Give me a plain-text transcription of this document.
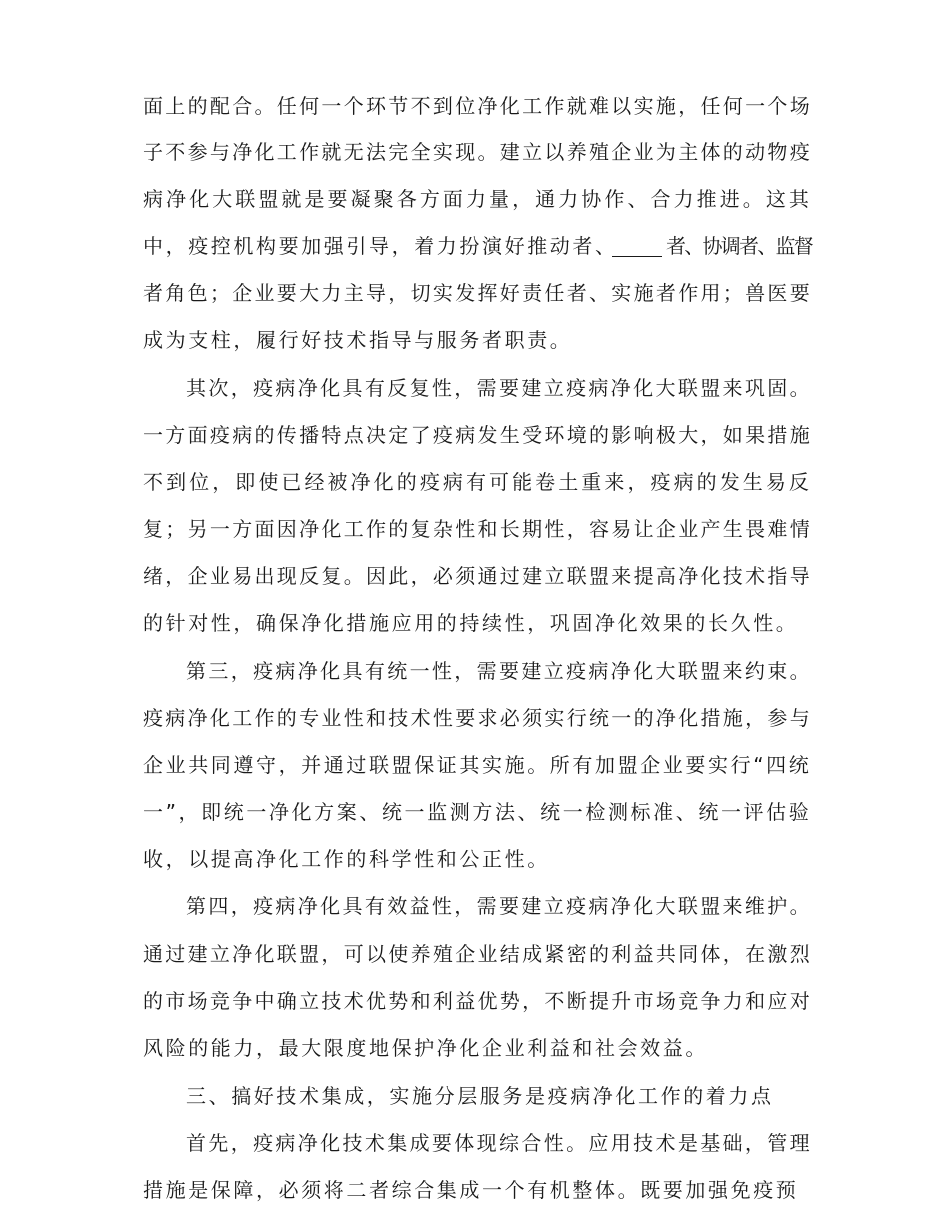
面上的配合。任何一个环节不到位净化工作就难以实施，任何一个场
子不参与净化工作就无法完全实现。建立以养殖企业为主体的动物疫
病净化大联盟就是要凝聚各方面力量，通力协作、合力推进。这其
中，疫控机构要加强引导，着力扮演好推动者、 者、协调者、监督
者角色；企业要大力主导，切实发挥好责任者、实施者作用；兽医要
成为支柱，履行好技术指导与服务者职责。
其次，疫病净化具有反复性，需要建立疫病净化大联盟来巩固。
一方面疫病的传播特点决定了疫病发生受环境的影响极大，如果措施
不到位，即使已经被净化的疫病有可能卷土重来，疫病的发生易反
复；另一方面因净化工作的复杂性和长期性，容易让企业产生畏难情
绪，企业易出现反复。因此，必须通过建立联盟来提高净化技术指导
的针对性，确保净化措施应用的持续性，巩固净化效果的长久性。
第三，疫病净化具有统一性，需要建立疫病净化大联盟来约束。
疫病净化工作的专业性和技术性要求必须实行统一的净化措施，参与
企业共同遵守，并通过联盟保证其实施。所有加盟企业要实行“四统
一”，即统一净化方案、统一监测方法、统一检测标准、统一评估验
收，以提高净化工作的科学性和公正性。
第四，疫病净化具有效益性，需要建立疫病净化大联盟来维护。
通过建立净化联盟，可以使养殖企业结成紧密的利益共同体，在激烈
的市场竞争中确立技术优势和利益优势，不断提升市场竞争力和应对
风险的能力，最大限度地保护净化企业利益和社会效益。
三、搞好技术集成，实施分层服务是疫病净化工作的着力点
首先，疫病净化技术集成要体现综合性。应用技术是基础，管理
措施是保障，必须将二者综合集成一个有机整体。既要加强免疫预
